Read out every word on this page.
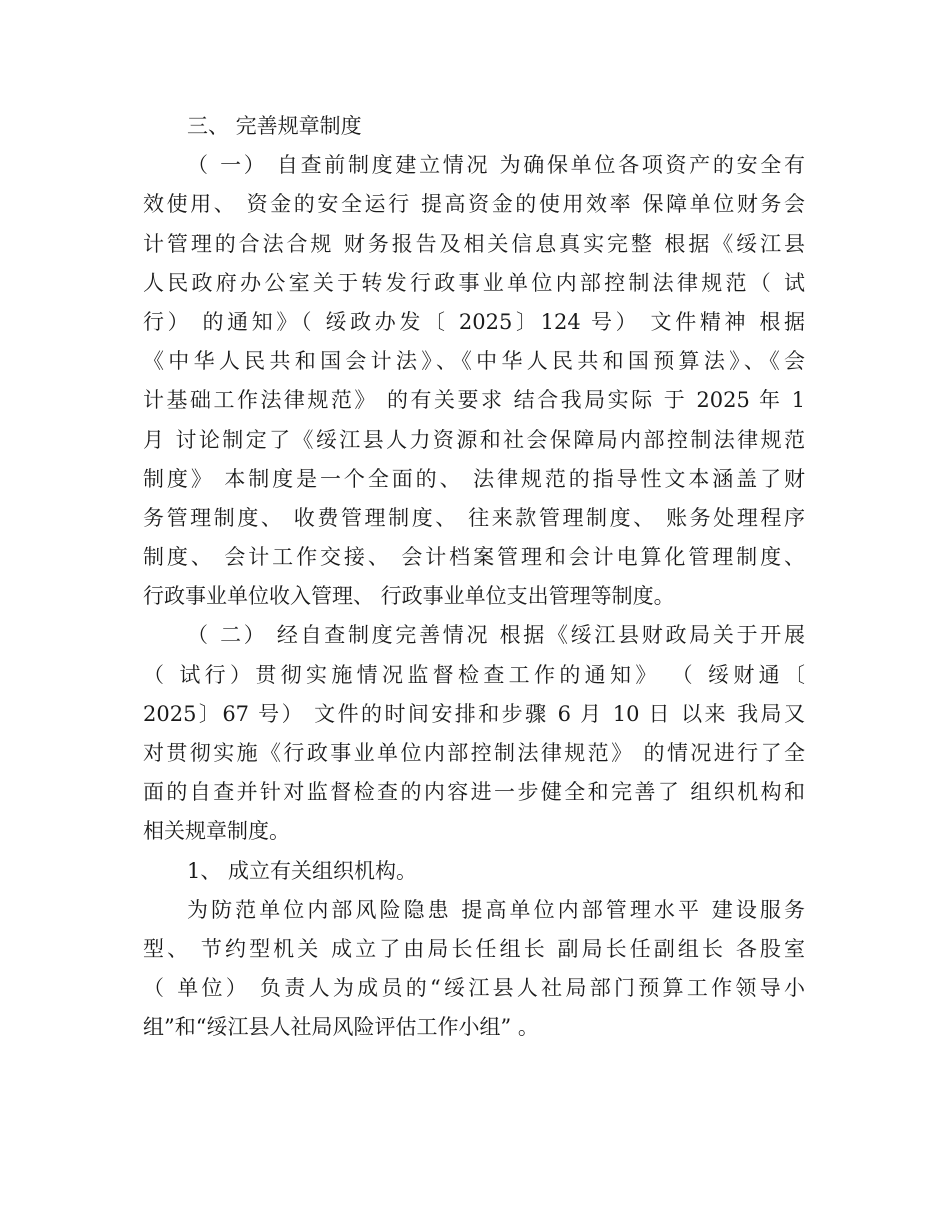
三、 完善规章制度
（ 一） 自查前制度建立情况 为确保单位各项资产的安全有
效使用、 资金的安全运行 提高资金的使用效率 保障单位财务会
计管理的合法合规 财务报告及相关信息真实完整 根据《绥江县
人民政府办公室关于转发行政事业单位内部控制法律规范（ 试
行） 的通知》（ 绥政办发〔 2025〕124 号） 文件精神 根据
《中华人民共和国会计法》、《中华人民共和国预算法》、《会
计基础工作法律规范》 的有关要求 结合我局实际 于 2025 年 1
月 讨论制定了《绥江县人力资源和社会保障局内部控制法律规范
制度》 本制度是一个全面的、 法律规范的指导性文本涵盖了财
务管理制度、 收费管理制度、 往来款管理制度、 账务处理程序
制度、 会计工作交接、 会计档案管理和会计电算化管理制度、
行政事业单位收入管理、 行政事业单位支出管理等制度。
（ 二） 经自查制度完善情况 根据《绥江县财政局关于开展
（ 试行）贯彻实施情况监督检查工作的通知》 （ 绥财通〔
2025〕67 号） 文件的时间安排和步骤 6 月 10 日 以来 我局又
对贯彻实施《行政事业单位内部控制法律规范》 的情况进行了全
面的自查并针对监督检查的内容进一步健全和完善了 组织机构和
相关规章制度。
1、 成立有关组织机构。
为防范单位内部风险隐患 提高单位内部管理水平 建设服务
型、 节约型机关 成立了由局长任组长 副局长任副组长 各股室
（ 单位） 负责人为成员的“绥江县人社局部门预算工作领导小
组”和“绥江县人社局风险评估工作小组” 。
